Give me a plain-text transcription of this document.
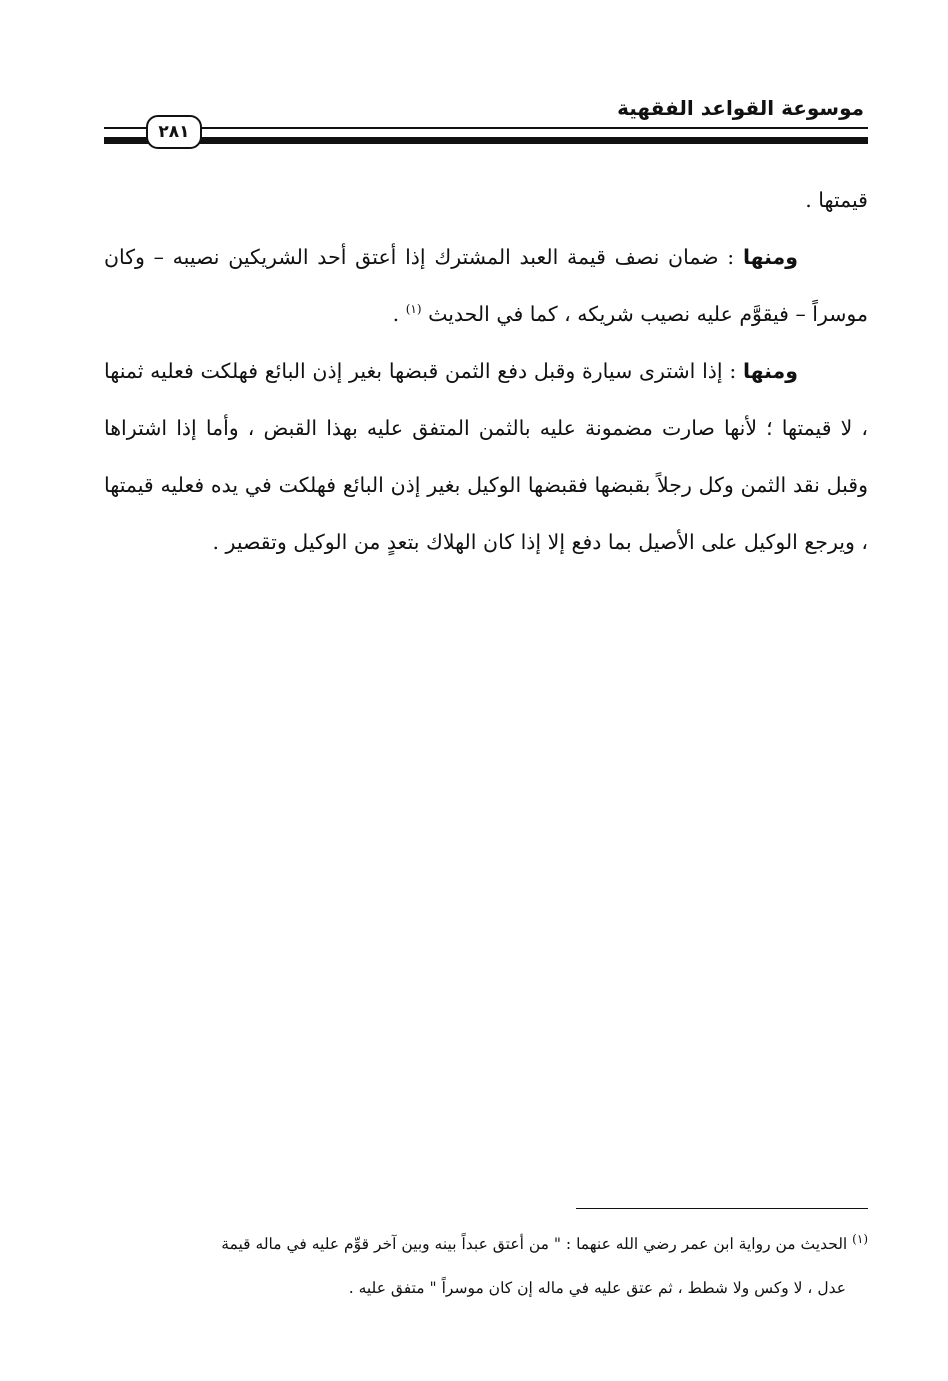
موسوعة القواعد الفقهية
٢٨١

قيمتها .

ومنها : ضمان نصف قيمة العبد المشترك إذا أعتق أحد الشريكين نصيبه – وكان موسراً – فيقوَّم عليه نصيب شريكه ، كما في الحديث $^{(١)}$ .

ومنها : إذا اشترى سيارة وقبل دفع الثمن قبضها بغير إذن البائع فهلكت فعليه ثمنها ، لا قيمتها ؛ لأنها صارت مضمونة عليه بالثمن المتفق عليه بهذا القبض ، وأما إذا اشتراها وقبل نقد الثمن وكل رجلاً بقبضها فقبضها الوكيل بغير إذن البائع فهلكت في يده فعليه قيمتها ، ويرجع الوكيل على الأصيل بما دفع إلا إذا كان الهلاك بتعدٍ من الوكيل وتقصير .

$^{(١)}$ الحديث من رواية ابن عمر رضي الله عنهما : " من أعتق عبداً بينه وبين آخر قوِّم عليه في ماله قيمة

عدل ، لا وكس ولا شطط ، ثم عتق عليه في ماله إن كان موسراً " متفق عليه .
